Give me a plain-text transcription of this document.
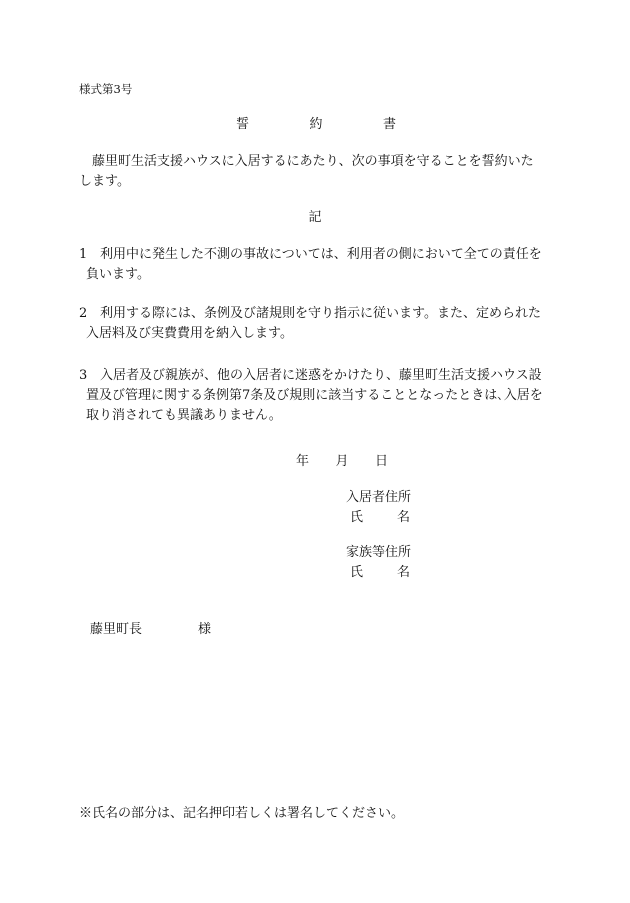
様式第3号
誓	約	書
藤里町生活支援ハウスに入居するにあたり、次の事項を守ることを誓約いた
します。
記
1 利用中に発生した不測の事故については、利用者の側において全ての責任を
負います。
2 利用する際には、条例及び諸規則を守り指示に従います。また、定められた
入居料及び実費費用を納入します。
3 入居者及び親族が、他の入居者に迷惑をかけたり、藤里町生活支援ハウス設
置及び管理に関する条例第7条及び規則に該当することとなったときは､入居を
取り消されても異議ありません。
年 月 日
入居者住所
氏	名
家族等住所
氏	名
藤里町長	様
※氏名の部分は、記名押印若しくは署名してください。
